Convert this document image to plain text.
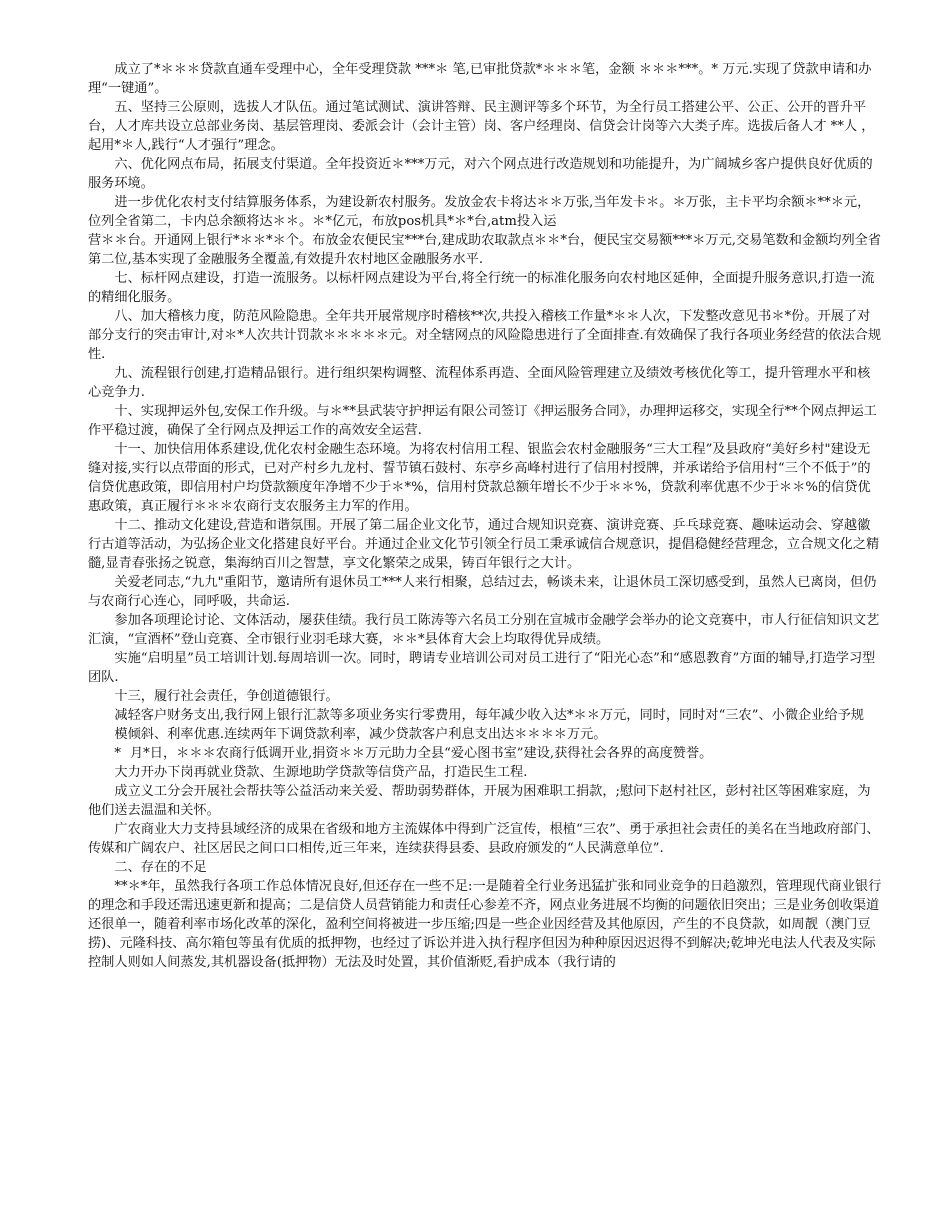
成立了*＊＊＊贷款直通车受理中心，全年受理贷款 ***＊ 笔,已审批贷款*＊＊＊笔，金额 ＊＊＊***。* 万元.实现了贷款申请和办理“一键通”。

五、坚持三公原则，选拔人才队伍。通过笔试测试、演讲答辩、民主测评等多个环节，为全行员工搭建公平、公正、公开的晋升平台，人才库共设立总部业务岗、基层管理岗、委派会计（会计主管）岗、客户经理岗、信贷会计岗等六大类子库。选拔后备人才 **人 ，起用*＊人,践行“人才强行”理念。

六、优化网点布局，拓展支付渠道。全年投资近＊***万元，对六个网点进行改造规划和功能提升，为广阔城乡客户提供良好优质的服务环境。

进一步优化农村支付结算服务体系，为建设新农村服务。发放金农卡将达＊＊万张,当年发卡＊。＊万张，主卡平均余额＊**＊元，位列全省第二，卡内总余额将达＊＊。＊*亿元，布放pos机具*＊*台,atm投入运

营＊＊台。开通网上银行*＊＊*＊个。布放金农便民宝***台,建成助农取款点＊＊*台，便民宝交易额***＊万元,交易笔数和金额均列全省第二位,基本实现了金融服务全覆盖,有效提升农村地区金融服务水平.

七、标杆网点建设，打造一流服务。以标杆网点建设为平台,将全行统一的标准化服务向农村地区延伸，全面提升服务意识,打造一流的精细化服务。

八、加大稽核力度，防范风险隐患。全年共开展常规序时稽核**次,共投入稽核工作量*＊＊人次，下发整改意见书＊*份。开展了对部分支行的突击审计,对＊*人次共计罚款＊＊＊＊＊元。对全辖网点的风险隐患进行了全面排查.有效确保了我行各项业务经营的依法合规性.

九、流程银行创建,打造精品银行。进行组织架构调整、流程体系再造、全面风险管理建立及绩效考核优化等工，提升管理水平和核心竞争力.

十、实现押运外包,安保工作升级。与＊**县武装守护押运有限公司签订《押运服务合同》，办理押运移交，实现全行**个网点押运工作平稳过渡，确保了全行网点及押运工作的高效安全运营.

十一、加快信用体系建设,优化农村金融生态环境。为将农村信用工程、银监会农村金融服务“三大工程”及县政府“美好乡村"建设无缝对接,实行以点带面的形式，已对产村乡九龙村、誓节镇石鼓村、东亭乡高峰村进行了信用村授牌，并承诺给予信用村“三个不低于”的信贷优惠政策，即信用村户均贷款额度年净增不少于＊*%，信用村贷款总额年增长不少于＊＊%，贷款利率优惠不少于＊＊%的信贷优惠政策，真正履行＊＊＊农商行支农服务主力军的作用。

十二、推动文化建设,营造和谐氛围。开展了第二届企业文化节，通过合规知识竞赛、演讲竞赛、乒乓球竞赛、趣味运动会、穿越徽行古道等活动，为弘扬企业文化搭建良好平台。并通过企业文化节引领全行员工秉承诚信合规意识，提倡稳健经营理念，立合规文化之精髓,显青春张扬之锐意，集海纳百川之智慧，享文化繁荣之成果，铸百年银行之大计。

关爱老同志,“九九"重阳节，邀请所有退休员工***人来行相聚，总结过去，畅谈未来，让退休员工深切感受到，虽然人已离岗，但仍与农商行心连心，同呼吸，共命运.

参加各项理论讨论、文体活动，屡获佳绩。我行员工陈涛等六名员工分别在宣城市金融学会举办的论文竞赛中，市人行征信知识文艺汇演，“宣酒杯”登山竞赛、全市银行业羽毛球大赛，＊＊*县体育大会上均取得优异成绩。

实施“启明星”员工培训计划.每周培训一次。同时，聘请专业培训公司对员工进行了“阳光心态”和“感恩教育”方面的辅导,打造学习型团队.

十三，履行社会责任，争创道德银行。

减轻客户财务支出,我行网上银行汇款等多项业务实行零费用，每年减少收入达*＊＊万元，同时，同时对“三农”、小微企业给予规

模倾斜、利率优惠.连续两年下调贷款利率，减少贷款客户利息支出达＊＊＊＊万元。

* 月*日，＊＊＊农商行低调开业,捐资＊＊万元助力全县“爱心图书室”建设,获得社会各界的高度赞誉。

大力开办下岗再就业贷款、生源地助学贷款等信贷产品，打造民生工程.

成立义工分会开展社会帮扶等公益活动来关爱、帮助弱势群体，开展为困难职工捐款，;慰问下赵村社区，彭村社区等困难家庭，为他们送去温温和关怀。

广农商业大力支持县域经济的成果在省级和地方主流媒体中得到广泛宣传，根植“三农”、勇于承担社会责任的美名在当地政府部门、传媒和广阔农户、社区居民之间口口相传,近三年来，连续获得县委、县政府颁发的“人民满意单位”.

二、存在的不足

**＊*年，虽然我行各项工作总体情况良好,但还存在一些不足:一是随着全行业务迅猛扩张和同业竞争的日趋激烈，管理现代商业银行的理念和手段还需迅速更新和提高；二是信贷人员营销能力和责任心参差不齐，网点业务进展不均衡的问题依旧突出；三是业务创收渠道还很单一，随着利率市场化改革的深化，盈利空间将被进一步压缩;四是一些企业因经营及其他原因，产生的不良贷款，如周靓（澳门豆捞)、元隆科技、高尔箱包等虽有优质的抵押物，也经过了诉讼并进入执行程序但因为种种原因迟迟得不到解决;乾坤光电法人代表及实际控制人则如人间蒸发,其机器设备(抵押物）无法及时处置，其价值渐贬,看护成本（我行请的
